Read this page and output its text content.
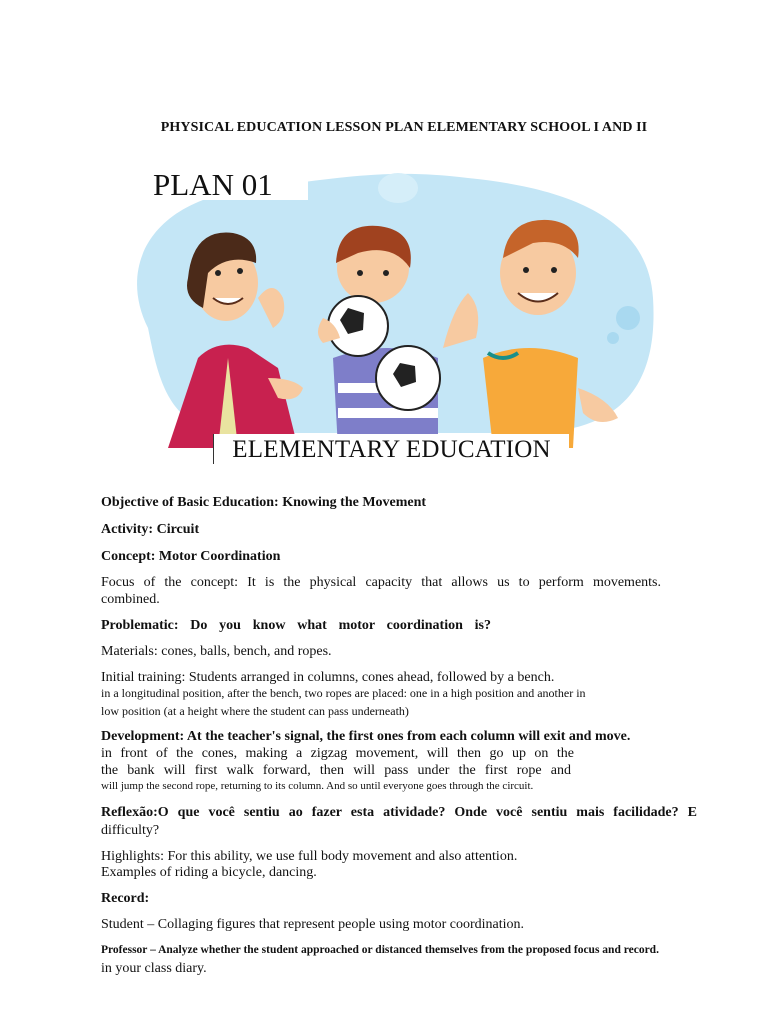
PHYSICAL EDUCATION LESSON PLAN ELEMENTARY SCHOOL I AND II
PLAN 01
ELEMENTARY EDUCATION

Objective of Basic Education: Knowing the Movement

Activity: Circuit

Concept: Motor Coordination

Focus of the concept: It is the physical capacity that allows us to perform movements.

combined.

Problematic: Do you know what motor coordination is?

Materials: cones, balls, bench, and ropes.

Initial training: Students arranged in columns, cones ahead, followed by a bench.

in a longitudinal position, after the bench, two ropes are placed: one in a high position and another in

low position (at a height where the student can pass underneath)

Development: At the teacher's signal, the first ones from each column will exit and move.

in front of the cones, making a zigzag movement, will then go up on the

the bank will first walk forward, then will pass under the first rope and

will jump the second rope, returning to its column. And so until everyone goes through the circuit.

Reflexão:O que você sentiu ao fazer esta atividade? Onde você sentiu mais facilidade? E

difficulty?

Highlights: For this ability, we use full body movement and also attention.

Examples of riding a bicycle, dancing.

Record:

Student – Collaging figures that represent people using motor coordination.

Professor – Analyze whether the student approached or distanced themselves from the proposed focus and record.

in your class diary.
